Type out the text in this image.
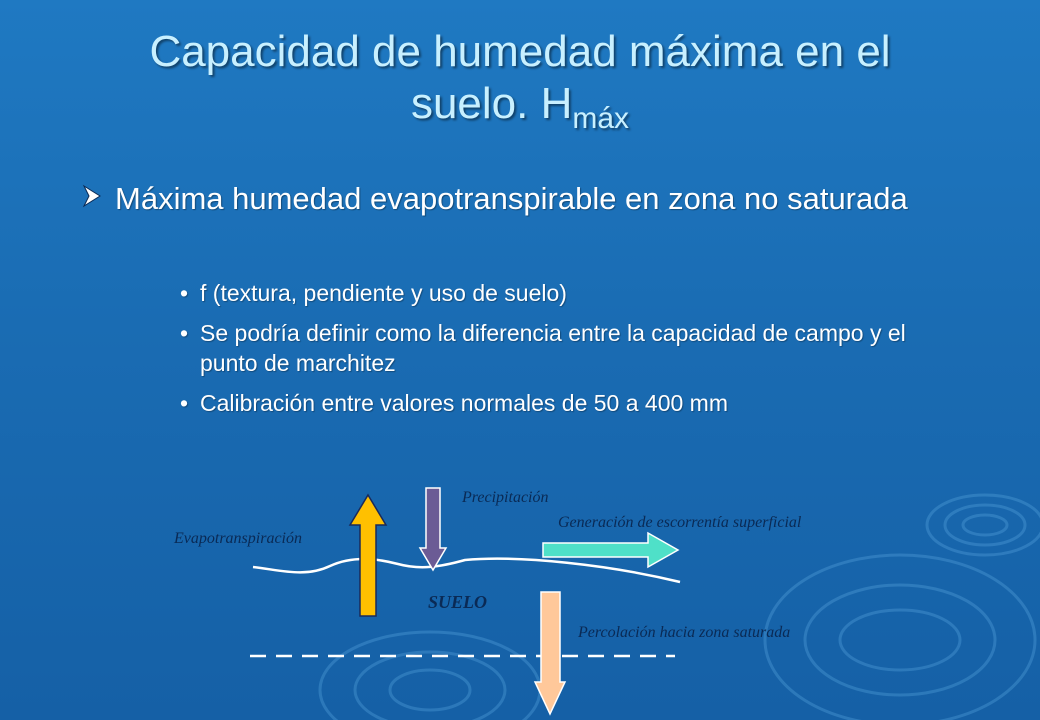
Capacidad de humedad máxima en el
suelo. $H_{máx}$
Máxima humedad evapotranspirable en zona no saturada
• f (textura, pendiente y uso de suelo)
• Se podría definir como la diferencia entre la capacidad de campo y el punto de marchitez
• Calibración entre valores normales de 50 a 400 mm
Precipitación
Evapotranspiración
Generación de escorrentía superficial
SUELO
Percolación hacia zona saturada
